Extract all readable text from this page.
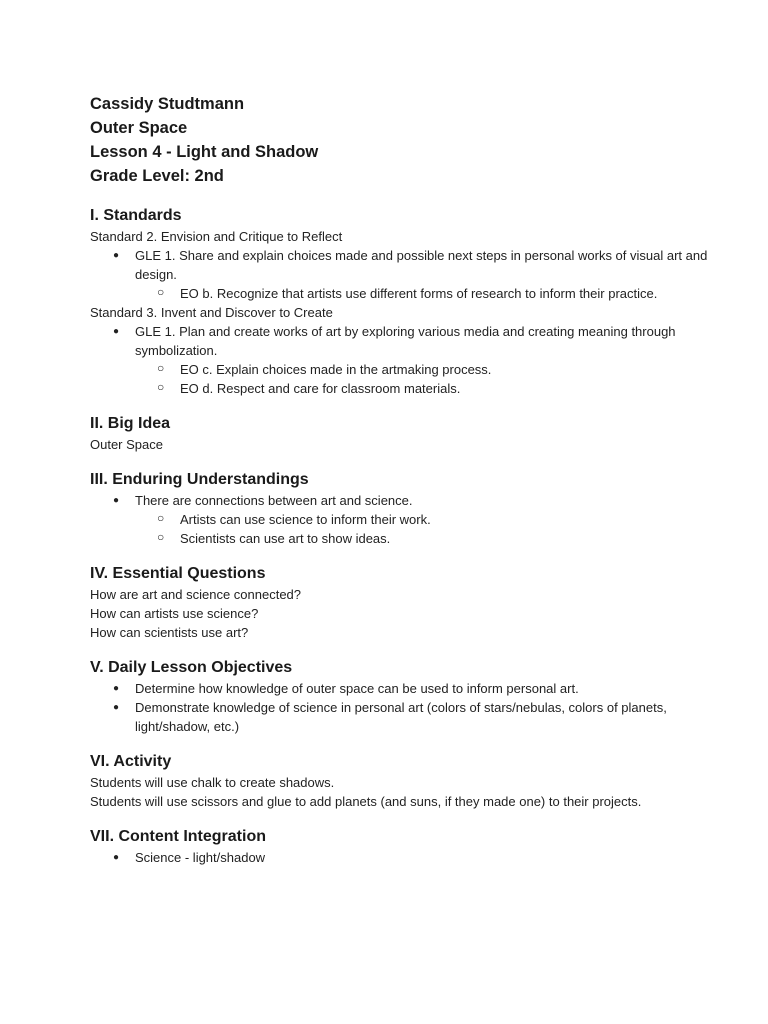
Cassidy Studtmann
Outer Space
Lesson 4 - Light and Shadow
Grade Level: 2nd
I. Standards
Standard 2. Envision and Critique to Reflect
● GLE 1. Share and explain choices made and possible next steps in personal works of visual art and design.
○ EO b. Recognize that artists use different forms of research to inform their practice.
Standard 3. Invent and Discover to Create
● GLE 1. Plan and create works of art by exploring various media and creating meaning through symbolization.
○ EO c. Explain choices made in the artmaking process.
○ EO d. Respect and care for classroom materials.
II. Big Idea
Outer Space
III. Enduring Understandings
● There are connections between art and science.
○ Artists can use science to inform their work.
○ Scientists can use art to show ideas.
IV. Essential Questions
How are art and science connected?
How can artists use science?
How can scientists use art?
V. Daily Lesson Objectives
● Determine how knowledge of outer space can be used to inform personal art.
● Demonstrate knowledge of science in personal art (colors of stars/nebulas, colors of planets, light/shadow, etc.)
VI. Activity
Students will use chalk to create shadows.
Students will use scissors and glue to add planets (and suns, if they made one) to their projects.
VII. Content Integration
● Science - light/shadow
